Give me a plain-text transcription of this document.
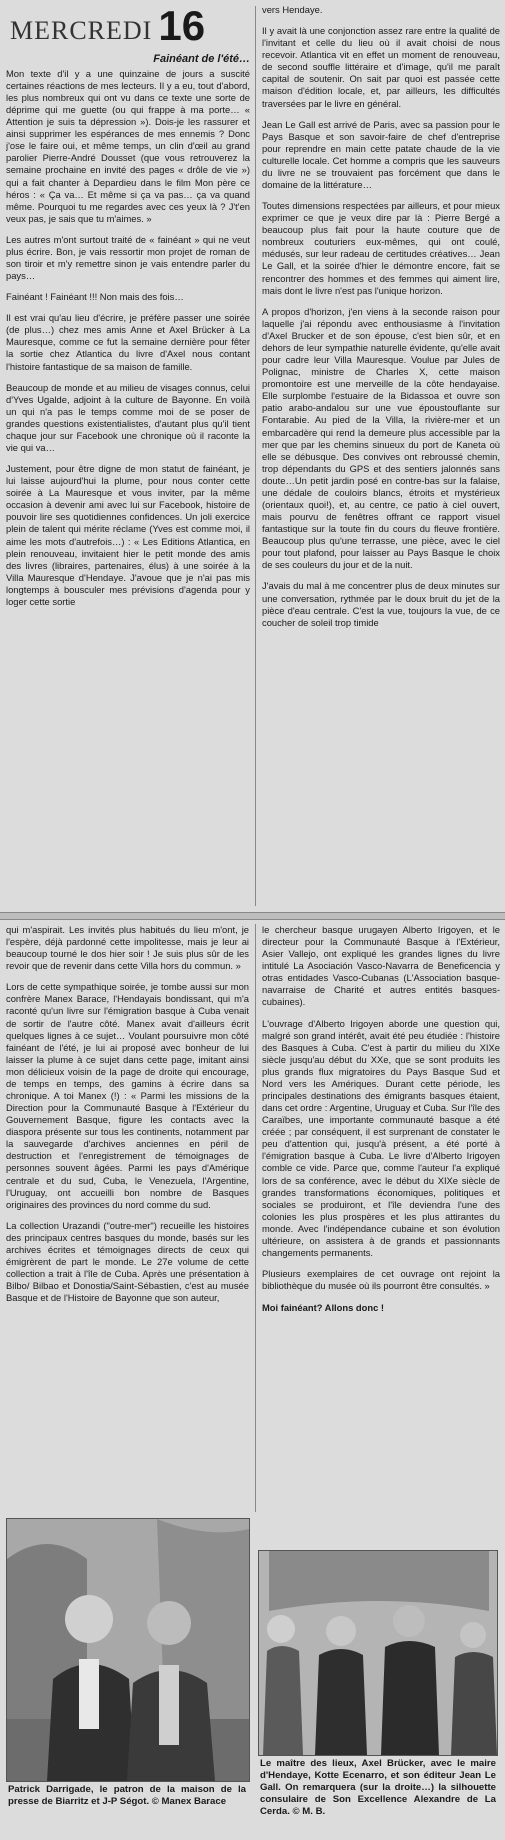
MERCREDI 16
Fainéant de l'été…

Mon texte d'il y a une quinzaine de jours a suscité certaines réactions de mes lecteurs. Il y a eu, tout d'abord, les plus nombreux qui ont vu dans ce texte une sorte de déprime qui me guette (ou qui frappe à ma porte… « Attention je suis ta dépression »). Dois-je les rassurer et ainsi supprimer les espérances de mes ennemis ? Donc j'ose le faire oui, et même temps, un clin d'œil au grand parolier Pierre-André Dousset (que vous retrouverez la semaine prochaine en invité des pages « drôle de vie ») qui a fait chanter à Depardieu dans le film Mon père ce héros : « Ça va… Et même si ça va pas… ça va quand même. Pourquoi tu me regardes avec ces yeux là ? J't'en veux pas, je sais que tu m'aimes. »

Les autres m'ont surtout traité de « fainéant » qui ne veut plus écrire. Bon, je vais ressortir mon projet de roman de son tiroir et m'y remettre sinon je vais entendre parler du pays…

Fainéant ! Fainéant !!! Non mais des fois…

Il est vrai qu'au lieu d'écrire, je préfère passer une soirée (de plus…) chez mes amis Anne et Axel Brücker à La Mauresque, comme ce fut la semaine dernière pour fêter la sortie chez Atlantica du livre d'Axel nous contant l'histoire fantastique de sa maison de famille.

Beaucoup de monde et au milieu de visages connus, celui d'Yves Ugalde, adjoint à la culture de Bayonne. En voilà un qui n'a pas le temps comme moi de se poser de grandes questions existentialistes, d'autant plus qu'il tient chaque jour sur Facebook une chronique où il raconte la vie qui va…

Justement, pour être digne de mon statut de fainéant, je lui laisse aujourd'hui la plume, pour nous conter cette soirée à La Mauresque et vous inviter, par la même occasion à devenir ami avec lui sur Facebook, histoire de pouvoir lire ses quotidiennes confidences. Un joli exercice plein de talent qui mérite réclame (Yves est comme moi, il aime les mots d'autrefois…) : « Les Editions Atlantica, en plein renouveau, invitaient hier le petit monde des amis des livres (libraires, partenaires, élus) à une soirée à la Villa Mauresque d'Hendaye. J'avoue que je n'ai pas mis longtemps à bousculer mes prévisions d'agenda pour y loger cette sortie

vers Hendaye.

Il y avait là une conjonction assez rare entre la qualité de l'invitant et celle du lieu où il avait choisi de nous recevoir. Atlantica vit en effet un moment de renouveau, de second souffle littéraire et d'image, qu'il me paraît capital de soutenir. On sait par quoi est passée cette maison d'édition locale, et, par ailleurs, les difficultés traversées par le livre en général.

Jean Le Gall est arrivé de Paris, avec sa passion pour le Pays Basque et son savoir-faire de chef d'entreprise pour reprendre en main cette patate chaude de la vie culturelle locale. Cet homme a compris que les sauveurs du livre ne se trouvaient pas forcément que dans le domaine de la littérature…

Toutes dimensions respectées par ailleurs, et pour mieux exprimer ce que je veux dire par là : Pierre Bergé a beaucoup plus fait pour la haute couture que de nombreux couturiers eux-mêmes, qui ont coulé, médusés, sur leur radeau de certitudes créatives… Jean Le Gall, et la soirée d'hier le démontre encore, fait se rencontrer des hommes et des femmes qui aiment lire, mais dont le livre n'est pas l'unique horizon.

A propos d'horizon, j'en viens à la seconde raison pour laquelle j'ai répondu avec enthousiasme à l'invitation d'Axel Brucker et de son épouse, c'est bien sûr, et en dehors de leur sympathie naturelle évidente, qu'elle avait pour cadre leur Villa Mauresque. Voulue par Jules de Polignac, ministre de Charles X, cette maison promontoire est une merveille de la côte hendayaise. Elle surplombe l'estuaire de la Bidassoa et ouvre son patio arabo-andalou sur une vue époustouflante sur Fontarabie. Au pied de la Villa, la rivière-mer et un embarcadère qui rend la demeure plus accessible par la mer que par les chemins sinueux du port de Kaneta où elle se débusque. Des convives ont rebroussé chemin, trop dépendants du GPS et des sentiers jalonnés sans doute…Un petit jardin posé en contre-bas sur la falaise, une dédale de couloirs blancs, étroits et mystérieux (orientaux quoi!), et, au centre, ce patio à ciel ouvert, mais pourvu de fenêtres offrant ce rapport visuel fantastique sur la toute fin du cours du fleuve frontière. Beaucoup plus qu'une terrasse, une pièce, avec le ciel pour tout plafond, pour laisser au Pays Basque le choix de ses couleurs du jour et de la nuit.

J'avais du mal à me concentrer plus de deux minutes sur une conversation, rythmée par le doux bruit du jet de la pièce d'eau centrale. C'est la vue, toujours la vue, de ce coucher de soleil trop timide

qui m'aspirait. Les invités plus habitués du lieu m'ont, je l'espère, déjà pardonné cette impolitesse, mais je leur ai beaucoup tourné le dos hier soir ! Je suis plus sûr de les revoir que de revenir dans cette Villa hors du commun. »

Lors de cette sympathique soirée, je tombe aussi sur mon confrère Manex Barace, l'Hendayais bondissant, qui m'a raconté qu'un livre sur l'émigration basque à Cuba venait de sortir de l'autre côté. Manex avait d'ailleurs écrit quelques lignes à ce sujet… Voulant poursuivre mon côté fainéant de l'été, je lui ai proposé avec bonheur de lui laisser la plume à ce sujet dans cette page, imitant ainsi mon délicieux voisin de la page de droite qui encourage, de temps en temps, des gamins à écrire dans sa chronique. A toi Manex (!) : « Parmi les missions de la Direction pour la Communauté Basque à l'Extérieur du Gouvernement Basque, figure les contacts avec la diaspora présente sur tous les continents, notamment par la sauvegarde d'archives anciennes en péril de destruction et l'enregistrement de témoignages de personnes souvent âgées. Parmi les pays d'Amérique centrale et du sud, Cuba, le Venezuela, l'Argentine, l'Uruguay, ont accueilli bon nombre de Basques originaires des provinces du nord comme du sud.

La collection Urazandi ("outre-mer") recueille les histoires des principaux centres basques du monde, basés sur les archives écrites et témoignages directs de ceux qui émigrèrent de part le monde. Le 27e volume de cette collection a trait à l'île de Cuba. Après une présentation à Bilbo/ Bilbao et Donostia/Saint-Sébastien, c'est au musée Basque et de l'Histoire de Bayonne que son auteur,

le chercheur basque urugayen Alberto Irigoyen, et le directeur pour la Communauté Basque à l'Extérieur, Asier Vallejo, ont expliqué les grandes lignes du livre intitulé La Asociación Vasco-Navarra de Beneficencia y otras entidades Vasco-Cubanas (L'Association basque-navarraise de Charité et autres entités basques-cubaines).

L'ouvrage d'Alberto Irigoyen aborde une question qui, malgré son grand intérêt, avait été peu étudiée : l'histoire des Basques à Cuba. C'est à partir du milieu du XIXe siècle jusqu'au début du XXe, que se sont produits les plus grands flux migratoires du Pays Basque Sud et Nord vers les Amériques. Durant cette période, les principales destinations des émigrants basques étaient, dans cet ordre : Argentine, Uruguay et Cuba. Sur l'île des Caraïbes, une importante communauté basque a été créée ; par conséquent, il est surprenant de constater le peu d'attention qui, jusqu'à présent, a été porté à l'émigration basque à Cuba. Le livre d'Alberto Irigoyen comble ce vide. Parce que, comme l'auteur l'a expliqué lors de sa conférence, avec le début du XIXe siècle de grandes transformations économiques, politiques et sociales se produiront, et l'île deviendra l'une des colonies les plus prospères et les plus attirantes du monde. Avec l'indépendance cubaine et son évolution ultérieure, on assistera à de grands et passionnants changements permanents.

Plusieurs exemplaires de cet ouvrage ont rejoint la bibliothèque du musée où ils pourront être consultés. »

Moi fainéant? Allons donc !

Patrick Darrigade, le patron de la maison de la presse de Biarritz et J-P Ségot. © Manex Barace
Le maître des lieux, Axel Brücker, avec le maire d'Hendaye, Kotte Ecenarro, et son éditeur Jean Le Gall. On remarquera (sur la droite…) la silhouette consulaire de Son Excellence Alexandre de La Cerda. © M. B.
